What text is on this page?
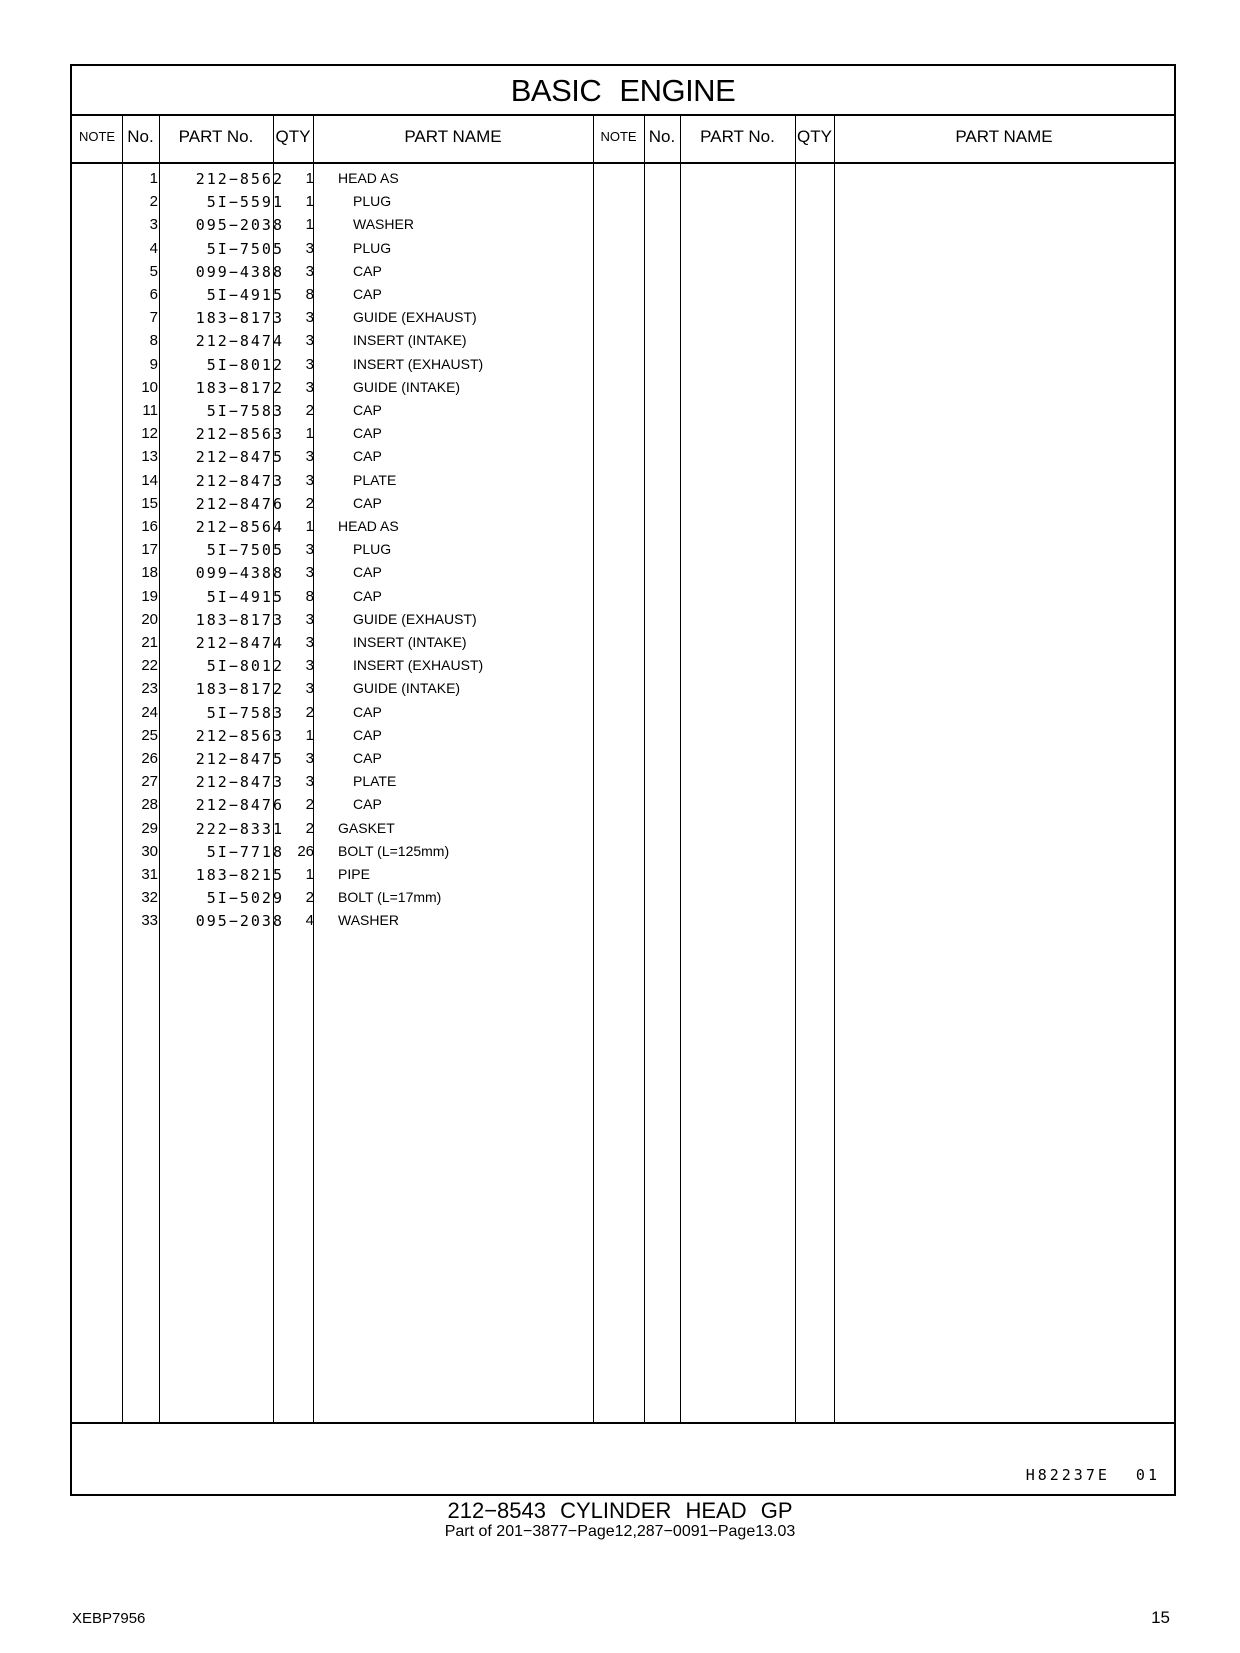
BASIC ENGINE
NOTE No.	PART No.	QTY	PART NAME	NOTE No.	PART No.	QTY	PART NAME
1	212−8562	1 HEAD AS
2	5I−5591	1	PLUG
3	095−2038	1	WASHER
4	5I−7505	3	PLUG
5	099−4388	3	CAP
6	5I−4915	8	CAP
7	183−8173	3	GUIDE (EXHAUST)
8	212−8474	3	INSERT (INTAKE)
9	5I−8012	3	INSERT (EXHAUST)
10	183−8172	3	GUIDE (INTAKE)
11	5I−7583	2	CAP
12	212−8563	1	CAP
13	212−8475	3	CAP
14	212−8473	3	PLATE
15	212−8476	2	CAP
16	212−8564	1 HEAD AS
17	5I−7505	3	PLUG
18	099−4388	3	CAP
19	5I−4915	8	CAP
20	183−8173	3	GUIDE (EXHAUST)
21	212−8474	3	INSERT (INTAKE)
22	5I−8012	3	INSERT (EXHAUST)
23	183−8172	3	GUIDE (INTAKE)
24	5I−7583	2	CAP
25	212−8563	1	CAP
26	212−8475	3	CAP
27	212−8473	3	PLATE
28	212−8476	2	CAP
29	222−8331	2 GASKET
30	5I−7718 26 BOLT (L=125mm)
31	183−8215	1 PIPE
32	5I−5029	2 BOLT (L=17mm)
33	095−2038	4 WASHER
H82237E 01
212−8543 CYLINDER HEAD GP
Part of 201−3877−Page12,287−0091−Page13.03
XEBP7956	15
